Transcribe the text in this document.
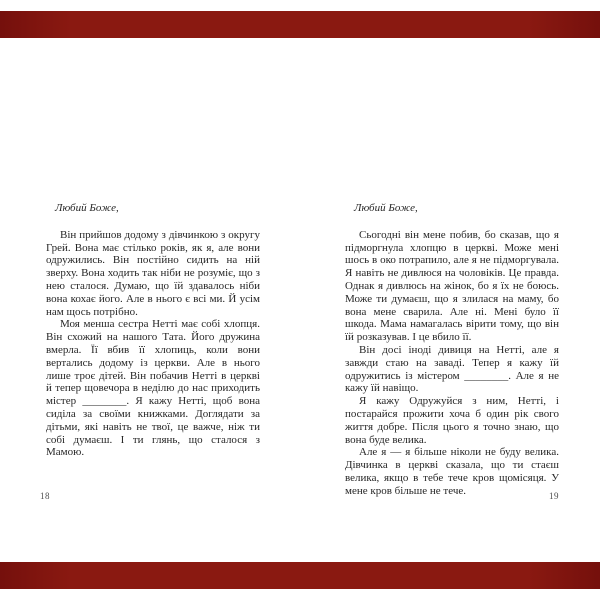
Любий Боже,

Він прийшов додому з дівчинкою з округу Грей. Вона має стілько років, як я, але вони одружились. Він постійно сидить на ній зверху. Вона ходить так ніби не розуміє, що з нею сталося. Думаю, що їй здавалось ніби вона кохає його. Але в нього є всі ми. Й усім нам щось потрібно.

Моя менша сестра Нетті має собі хлопця. Він схожий на нашого Тата. Його дружина вмерла. Її вбив її хлопиць, коли вони вертались додому із церкви. Але в нього лише троє дітей. Він побачив Нетті в церкві й тепер щовечора в неділю до нас приходить містер ________. Я кажу Нетті, щоб вона сиділа за своїми книжками. Доглядати за дітьми, які навіть не твої, це важче, ніж ти собі думаєш. І ти глянь, що сталося з Мамою.

Любий Боже,

Сьогодні він мене побив, бо сказав, що я підморгнула хлопцю в церкві. Може мені шось в око потрапило, але я не підморгувала. Я навіть не дивлюся на чоловіків. Це правда. Однак я дивлюсь на жінок, бо я їх не боюсь. Може ти думаєш, що я злилася на маму, бо вона мене сварила. Але ні. Мені було її шкода. Мама намагалась вірити тому, що він їй розказував. І це вбило її.

Він досі іноді дивиця на Нетті, але я завжди стаю на заваді. Тепер я кажу їй одружитись із містером ________. Але я не кажу їй навіщо.

Я кажу Одружуйся з ним, Нетті, і постарайся прожити хоча б один рік свого життя добре. Після цього я точно знаю, що вона буде велика.

Але я — я більше ніколи не буду велика. Дівчинка в церкві сказала, що ти стаєш велика, якщо в тебе тече кров щомісяця. У мене кров більше не тече.

18	19
